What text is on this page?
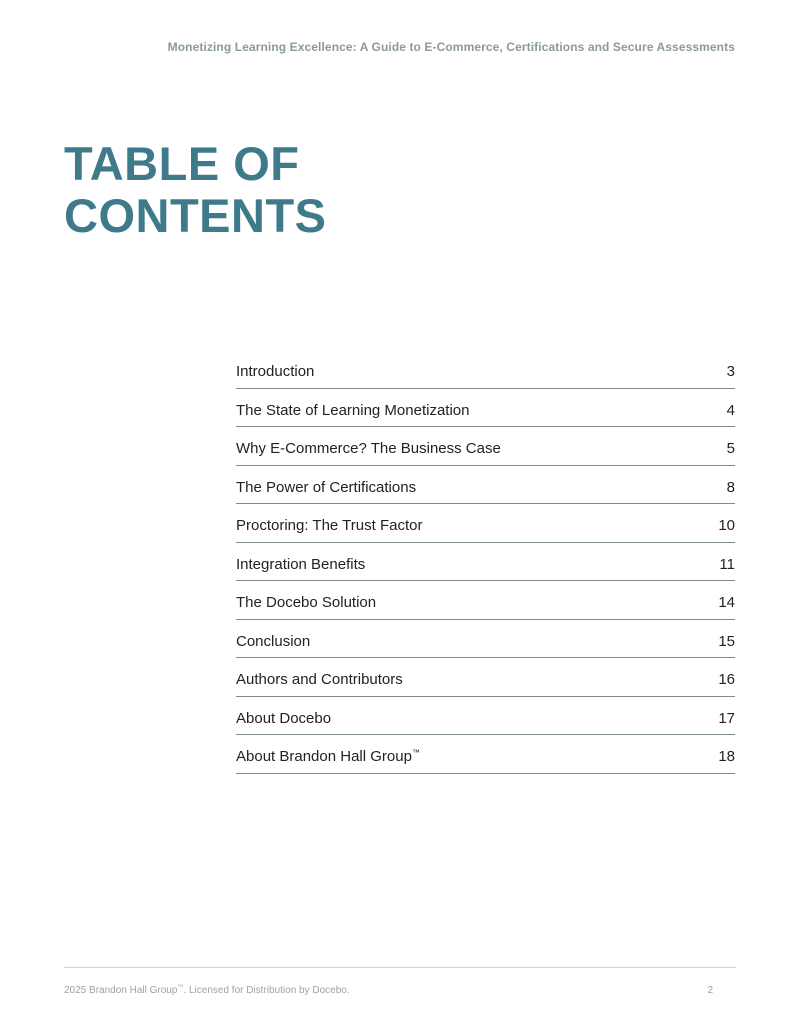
Monetizing Learning Excellence: A Guide to E-Commerce, Certifications and Secure Assessments
TABLE OF
CONTENTS
Introduction	3
The State of Learning Monetization	4
Why E-Commerce? The Business Case	5
The Power of Certifications	8
Proctoring: The Trust Factor	10
Integration Benefits	11
The Docebo Solution	14
Conclusion	15
Authors and Contributors	16
About Docebo	17
About Brandon Hall Group™	18
2025 Brandon Hall Group™. Licensed for Distribution by Docebo.	2
